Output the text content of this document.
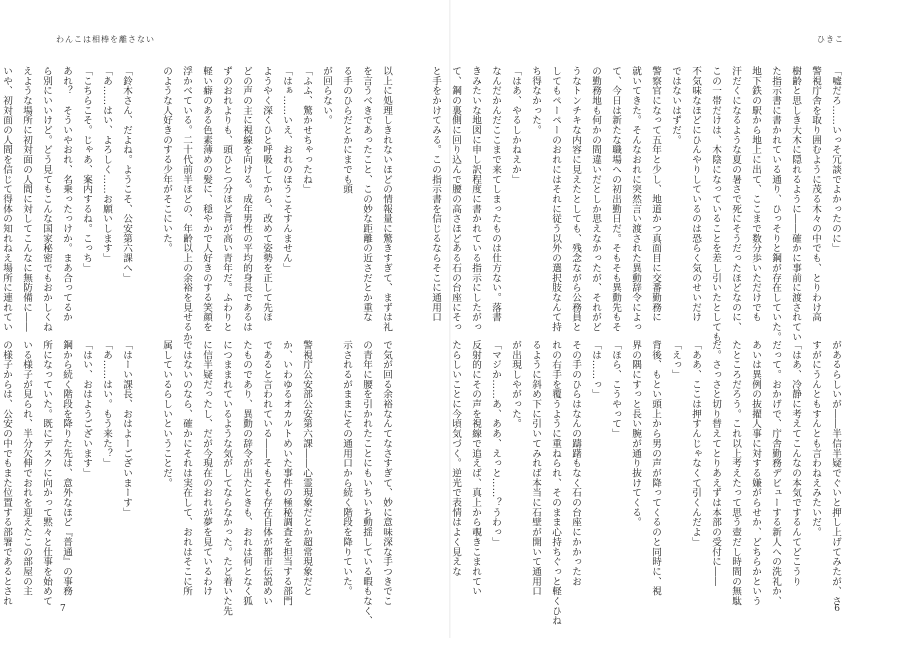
わんこは相棒を離さない
以上に処理しきれないほどの情報量に驚きすぎて、まずは礼
を言うべきであったこと、この妙な距離の近さだとか重な
る手のひらだとかにまでも頭
が回らない。
「ふふ、驚かせちゃったね」
「はぁ……いえ、おれのほうこそすんません」
ようやく深くひと呼吸してから、改めて姿勢を正して先ほ
どの声の主に視線を向ける。成年男性の平均的身長であるは
ずのおれよりも、頭ひとつ分ほど背が高い青年だ。ふわりと
軽い癖のある色素薄めの髪に、穏やかで人好きのする笑顔を
浮かべている。二十代前半ほどの、年齢以上の余裕を見せるか
のような人好きのする少年がそこにいた。

「鈴木さん、だよね。ようこそ、公安第六課へ」
「あ……はい、よろしく……お願いします」
「こちらこそ。じゃあ、案内するね。こっち」
あれ？　そういやおれ、名乗ったっけか。まあ合ってるか
ら別にいいけど。どう見てもこんな国家秘密でもおかしくね
えような場所に初対面の人間に対してこんなに無防備に――
いや、初対面の人間を信じて得体の知れねえ場所に連れてい
で気が回る余裕なんてなさすぎて、妙に意味深な手つきでこ
の青年に腰を引かれたことにもいちいち動揺している暇もなく、
示されるがままにその通用口から続く階段を降りていた。

警視庁公安部公安第六課――心霊現象だとか超常現象だと
か、いわゆるオカルトめいた事件の極秘調査を担当する部門
であると言われている――そもそも存在自体が都市伝説めい
たものであり、異動の辞令が出たときも、おれは何となく狐
につままれているような気がしてならなかった。たど着いた先
に信半疑だったし、だが今現在のおれが夢を見ているわけ
ではないのなら、確かにそれは実在して、おれはそこに所
属しているらしいということだ。

「はーい課長、おはよーございまーす」
「あ……はい。もう来た？」
「はい、おはようございます」
鋼から続く階段を降りた先は、意外なほど『普通』の事務
所になっていた。既にデスクに向かって黙々と仕事を始めて
いる様子が見られ、半分欠伸でおれを迎えたこの部屋の主
の様子からは、公安の中でもまた位置する部署であるとされ
7
ひきこ
「嘘だろ……いっそ冗談でよかったのに」
警視庁舎を取り囲むように茂る木々の中でも、とりわけ高
樹齢と思しき大木に隠れるように――確かに事前に渡されてい
た指示書に書かれている通り、ひっそりと鋼が存在していた。
地下鉄の駅から地上に出て、ここまで数分歩いただけでも
汗だくになるような夏の暑さで死にそうだったほどなのに、
この一帯だけは、木陰になっていることを差し引いたとしても
不気味なほどにひんやりしているのは恐らく気のせいだけ
ではないはずだ。
警察官になって五年と少し、地道かつ真面目に交番勤務に
就いてきた。そんなおれに突然言い渡された異動辞令によっ
て、今日は新たな職場への初出勤日だ。そもそも異動先もそ
の勤務地も何かの間違いだとしか思えなかったが、それがど
うなトンチキな内容に見えたとしても、残念ながら公務員と
してもペーペーのおれにはそれに従う以外の選択肢なんて持
ち得なかった。
「はあ、やるしかねえか」
なんだかんだここまで来てしまったものは仕方ない。落書
きみたいな地図に申し訳程度に書かれている指示にしたがっ
て、鋼の裏側に回り込んで腰の高さほどある石の台座にそっ
と手をかけてみる。この指示書を信じるならそこに通用口
があるらしいが――半信半疑でぐいと押し上げてみたが、さ
すがにうんともすんとも言わねえみたいだ。
「はあ、冷静に考えてこんなの本気でするんてどこうり
だって。おかげで、庁舎勤務デビューする新人への洗礼か、
あいは異例の抜擢人事に対する嫌がらせか、どちらかという
たところだろう。これ以上考えたって思う壺だし時間の無駄
だ。さっさと切り替えてとりあえずは本部の受付に――
「ああ、ここは押すんじゃなくて引くんだよ」
「えっ」
背後、もとい頭上から男の声が降ってくるのと同時に、視
界の隅にすっと長い腕が通り抜けてくる。
「ほら、こうやって」
「は……っ」
その手のひらはなんの躊躇もなく石の台座にかかったお
れの右手を覆うように重ねられ、そのまま心持ちぐっと軽くひね
るように斜め下に引いてみれば本当に石壁が開いて通用口
が出現しやがった。
「マジか……あ、ああ、えっと……？うわっ」
反射的にその声を視線で追えば、真上から覗きこまれてい
たらしいことに今頃気づく。逆光で表情はよく見えな
6
